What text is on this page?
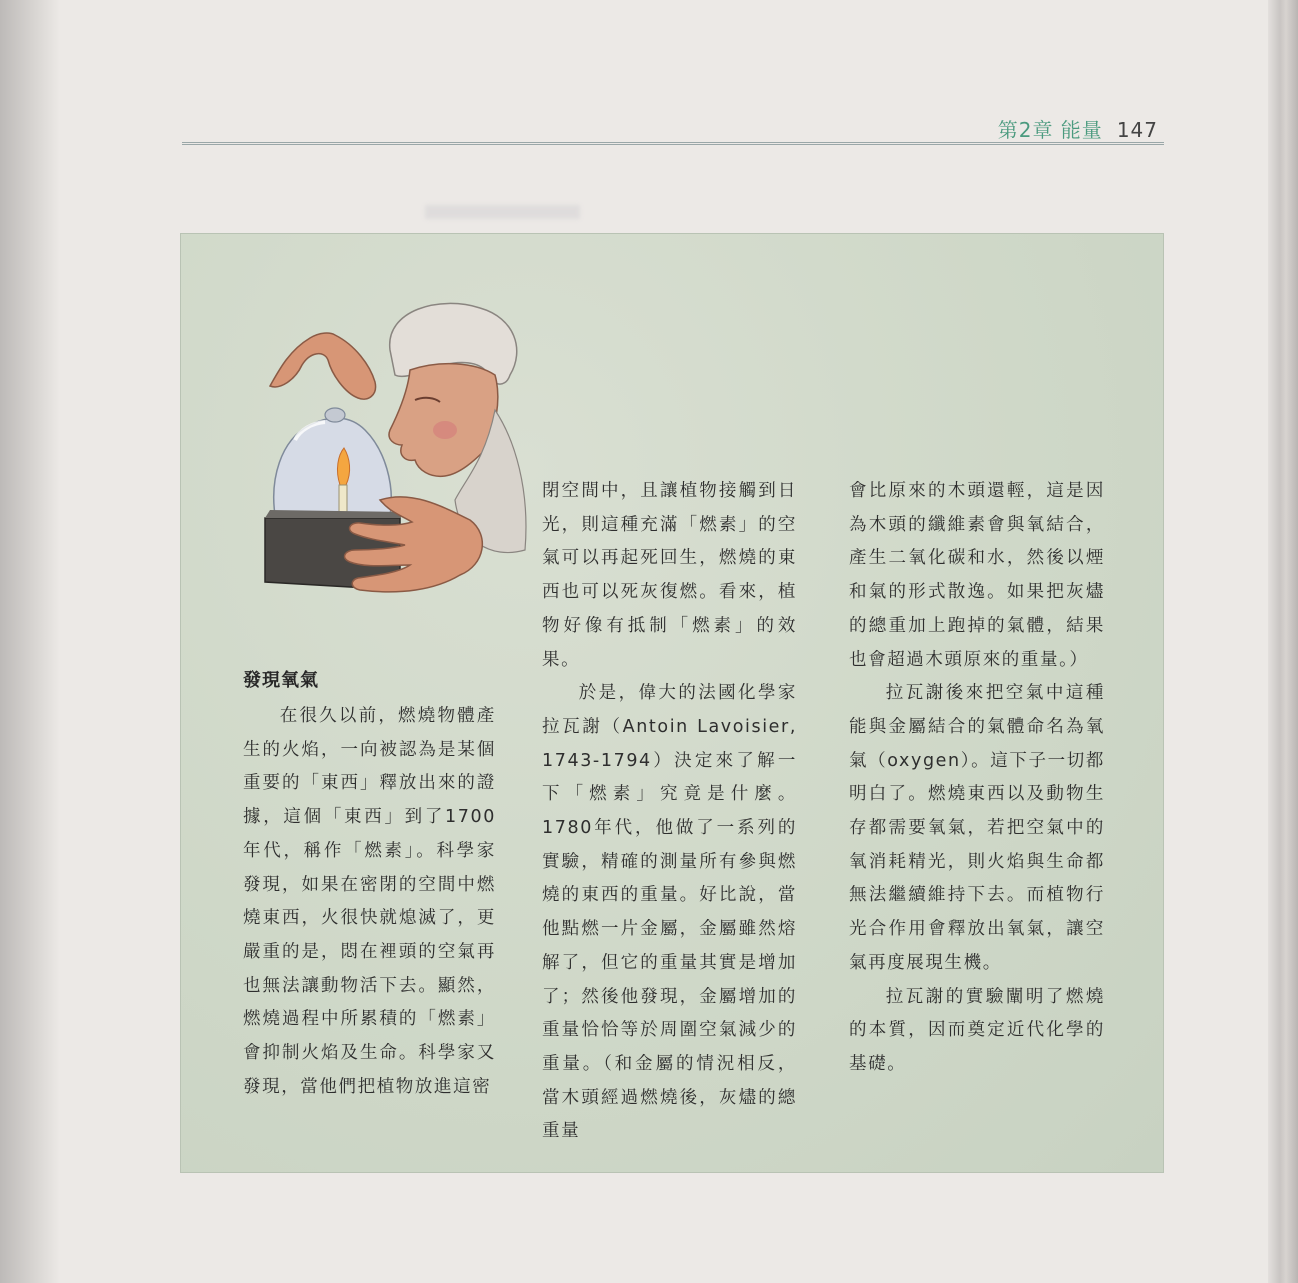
第2章 能量 147
發現氧氣

在很久以前，燃燒物體產生的火焰，一向被認為是某個重要的「東西」釋放出來的證據，這個「東西」到了1700年代，稱作「燃素」。科學家發現，如果在密閉的空間中燃燒東西，火很快就熄滅了，更嚴重的是，悶在裡頭的空氣再也無法讓動物活下去。顯然，燃燒過程中所累積的「燃素」會抑制火焰及生命。科學家又發現，當他們把植物放進這密

閉空間中，且讓植物接觸到日光，則這種充滿「燃素」的空氣可以再起死回生，燃燒的東西也可以死灰復燃。看來，植物好像有抵制「燃素」的效果。

於是，偉大的法國化學家拉瓦謝（Antoin Lavoisier, 1743-1794）決定來了解一下「燃素」究竟是什麼。1780年代，他做了一系列的實驗，精確的測量所有參與燃燒的東西的重量。好比說，當他點燃一片金屬，金屬雖然熔解了，但它的重量其實是增加了；然後他發現，金屬增加的重量恰恰等於周圍空氣減少的重量。（和金屬的情況相反，當木頭經過燃燒後，灰燼的總重量

會比原來的木頭還輕，這是因為木頭的纖維素會與氧結合，產生二氧化碳和水，然後以煙和氣的形式散逸。如果把灰燼的總重加上跑掉的氣體，結果也會超過木頭原來的重量。）

拉瓦謝後來把空氣中這種能與金屬結合的氣體命名為氧氣（oxygen）。這下子一切都明白了。燃燒東西以及動物生存都需要氧氣，若把空氣中的氧消耗精光，則火焰與生命都無法繼續維持下去。而植物行光合作用會釋放出氧氣，讓空氣再度展現生機。

拉瓦謝的實驗闡明了燃燒的本質，因而奠定近代化學的基礎。
